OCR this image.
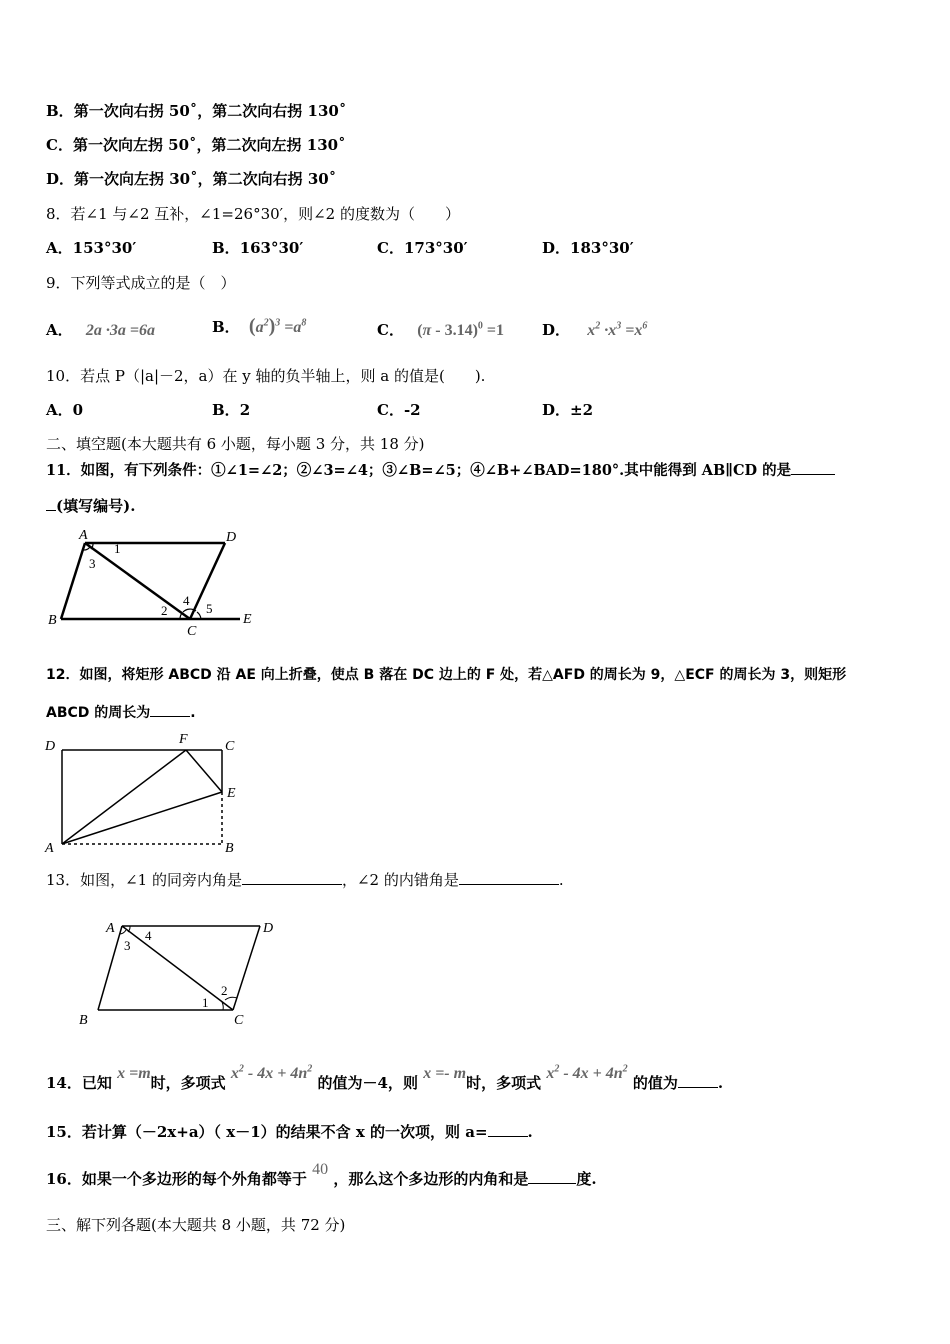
B．第一次向右拐 50˚，第二次向右拐 130˚
C．第一次向左拐 50˚，第二次向左拐 130˚
D．第一次向左拐 30˚，第二次向右拐 30˚
8．若∠1 与∠2 互补，∠1=26°30′，则∠2 的度数为（　　）
A．153°30′	B．163°30′	C．173°30′	D．183°30′
9．下列等式成立的是（　）
A． 2a ·3a =6a	B． $(a^2)^3 =a^8$	C． (π - 3.14)$^0$ =1	D． $x^2 \cdot x^3 =x^6$
10．若点 P（|a|－2，a）在 y 轴的负半轴上，则 a 的值是(　　).
A．0	B．2	C．-2	D．±2
二、填空题(本大题共有 6 小题，每小题 3 分，共 18 分)
11．如图，有下列条件：①∠1=∠2；②∠3=∠4；③∠B=∠5；④∠B+∠BAD=180°.其中能得到 AB∥CD 的是
(填写编号).
A	D
B
C
E
1
3
2
4
5
12．如图，将矩形 ABCD 沿 AE 向上折叠，使点 B 落在 DC 边上的 F 处，若△AFD 的周长为 9，△ECF 的周长为 3，则矩形
ABCD 的周长为	.
D	F	C
E
A	B
13．如图，∠1 的同旁内角是	，∠2 的内错角是	.
A	D
B	C
4
3
1
2
14．已知 x =m时，多项式 $x^2 - 4x + 4n^2$ 的值为－4，则 x =- m时，多项式 $x^2 - 4x + 4n^2$ 的值为	.
15．若计算（－2x+a）（ x－1）的结果不含 x 的一次项，则 a=	.
16．如果一个多边形的每个外角都等于 40 ，那么这个多边形的内角和是	度.
三、解下列各题(本大题共 8 小题，共 72 分)
